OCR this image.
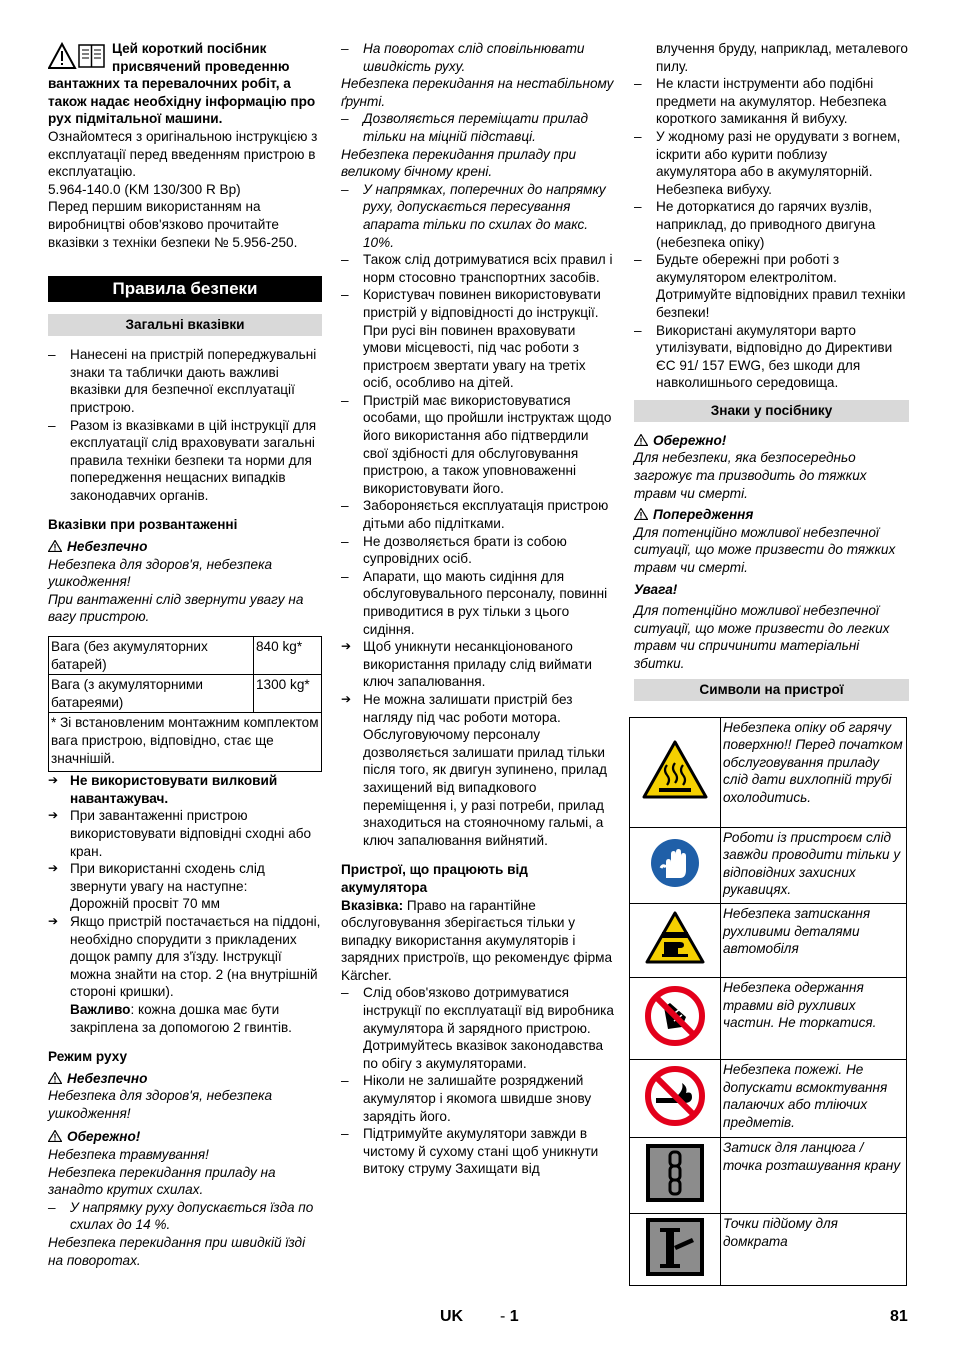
Цей короткий посібник присвячений проведенню вантажних та перевалочних робіт, а також надає необхідну інформацію про рух підмітальної машини.

Ознайомтеся з оригінальною інструкцією з експлуатації перед введенням пристрою в експлуатацію.

5.964-140.0 (KM 130/300 R Bp)

Перед першим використанням на виробництві обов'язково прочитайте вказівки з техніки безпеки № 5.956-250.

Правила безпеки
Загальні вказівки

– Нанесені на пристрій попереджувальні знаки та таблички дають важливі вказівки для безпечної експлуатації пристрою.

– Разом із вказівками в цій інструкції для експлуатації слід враховувати загальні правила техніки безпеки та норми для попередження нещасних випадків законодавчих органів.

Вказівки при розвантаженні

Небезпечно

Небезпека для здоров'я, небезпека ушкодження!

При вантаженні слід звернути увагу на вагу пристрою.

Вага (без акумуляторних батарей)	840 kg*
Вага (з акумуляторними батареями)	1300 kg*
* Зі встановленим монтажним комплектом вага пристрою, відповідно, стає ще значнішій.	

➔ Не використовувати вилковий навантажувач.

➔ При завантаженні пристрою використовувати відповідні сходні або кран.

➔ При використанні сходень слід звернути увагу на наступне:

Дорожній просвіт 70 мм

➔ Якщо пристрій постачається на піддоні, необхідно спорудити з прикладених дощок рампу для з'їзду. Інструкції можна знайти на стор. 2 (на внутрішній стороні кришки).

Важливо: кожна дошка має бути закріплена за допомогою 2 гвинтів.

Режим руху

Небезпечно

Небезпека для здоров'я, небезпека ушкодження!

Обережно!

Небезпека травмування!

Небезпека перекидання приладу на занадто крутих схилах.

– У напрямку руху допускається їзда по схилах до 14 %.

Небезпека перекидання при швидкій їзді на поворотах.

– На поворотах слід сповільнювати швидкість руху.

Небезпека перекидання на нестабільному ґрунті.

– Дозволяється переміщати прилад тільки на міцній підставці.

Небезпека перекидання приладу при великому бічному крені.

– У напрямках, поперечних до напрямку руху, допускається пересування апарата тільки по схилах до макс. 10%.

– Також слід дотримуватися всіх правил і норм стосовно транспортних засобів.

– Користувач повинен використовувати пристрій у відповідності до інструкції. При русі він повинен враховувати умови місцевості, під час роботи з пристроєм звертати увагу на третіх осіб, особливо на дітей.

– Пристрій має використовуватися особами, що пройшли інструктаж щодо його використання або підтвердили свої здібності для обслуговування пристрою, а також уповноваженні використовувати його.

– Забороняється експлуатація пристрою дітьми або підлітками.

– Не дозволяється брати із собою супровідних осіб.

– Апарати, що мають сидіння для обслуговувального персоналу, повинні приводитися в рух тільки з цього сидіння.

➔ Щоб уникнути несанкціонованого використання приладу слід виймати ключ запалювання.

➔ Не можна залишати пристрій без нагляду під час роботи мотора. Обслуговуючому персоналу дозволяється залишати прилад тільки після того, як двигун зупинено, прилад захищений від випадкового переміщення і, у разі потреби, прилад знаходиться на стояночному гальмі, а ключ запалювання вийнятий.

Пристрої, що працюють від акумулятора

Вказівка: Право на гарантійне обслуговування зберігається тільки у випадку використання акумуляторів і зарядних пристроїв, що рекомендує фірма Kärcher.

– Слід обов'язково дотримуватися інструкції по експлуатації від виробника акумулятора й зарядного пристрою. Дотримуйтесь вказівок законодавства по обігу з акумуляторами.

– Ніколи не залишайте розряджений акумулятор і якомога швидше знову зарядіть його.

– Підтримуйте акумулятори завжди в чистому й сухому стані щоб уникнути витоку струму Захищати від

влучення бруду, наприклад, металевого пилу.

– Не класти інструменти або подібні предмети на акумулятор. Небезпека короткого замикання й вибуху.

– У жодному разі не орудувати з вогнем, іскрити або курити поблизу акумулятора або в акумуляторній. Небезпека вибуху.

– Не доторкатися до гарячих вузлів, наприклад, до приводного двигуна (небезпека опіку)

– Будьте обережні при роботі з акумулятором електролітом. Дотримуйте відповідних правил техніки безпеки!

– Використані акумулятори варто утилізувати, відповідно до Директиви ЄС 91/ 157 EWG, без шкоди для навколишнього середовища.

Знаки у посібнику

Обережно!

Для небезпеки, яка безпосередньо загрожує та призводить до тяжких травм чи смерті.

Попередження

Для потенційно можливої небезпечної ситуації, що може призвести до тяжких травм чи смерті.

Увага!

Для потенційно можливої небезпечної ситуації, що може призвести до легких травм чи спричинити матеріальні збитки.

Символи на пристрої
	Небезпека опіку об гарячу поверхню!! Перед початком обслуговування приладу слід дати вихлопній трубі охолодитись.
	Роботи із пристроєм слід завжди проводити тільки у відповідних захисних рукавицях.
	Небезпека затискання рухливими деталями автомобіля
	Небезпека одержання травми від рухливих частин. Не торкатися.
	Небезпека пожежі. Не допускати всмоктування палаючих або тліючих предметів.
	Затиск для ланцюга / точка розташування крану
	Точки підйому для домкрата
UK - 1	81
